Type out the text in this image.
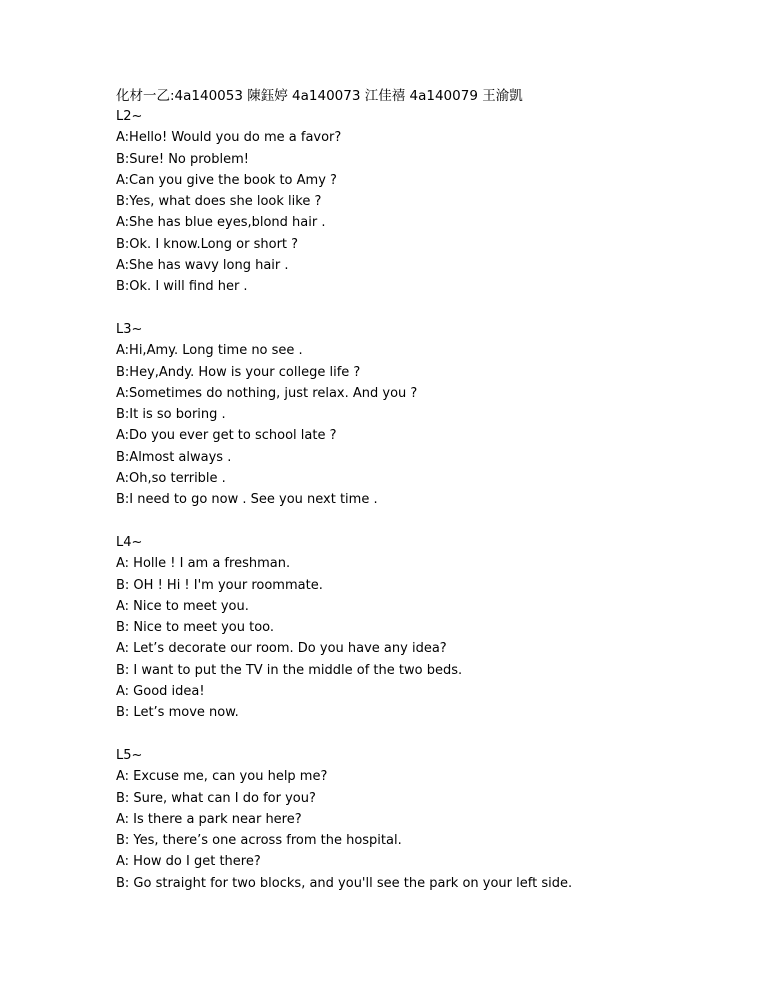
化材一乙:4a140053 陳鈺婷 4a140073 江佳禧 4a140079 王渝凱
L2~
A:Hello! Would you do me a favor?
B:Sure! No problem!
A:Can you give the book to Amy ?
B:Yes, what does she look like ?
A:She has blue eyes,blond hair .
B:Ok. I know.Long or short ?
A:She has wavy long hair .
B:Ok. I will find her .
L3~
A:Hi,Amy. Long time no see .
B:Hey,Andy. How is your college life ?
A:Sometimes do nothing, just relax. And you ?
B:It is so boring .
A:Do you ever get to school late ?
B:Almost always .
A:Oh,so terrible .
B:I need to go now . See you next time .
L4~
A: Holle ! I am a freshman.
B: OH ! Hi ! I'm your roommate.
A: Nice to meet you.
B: Nice to meet you too.
A: Let’s decorate our room. Do you have any idea?
B: I want to put the TV in the middle of the two beds.
A: Good idea!
B: Let’s move now.
L5~
A: Excuse me, can you help me?
B: Sure, what can I do for you?
A: Is there a park near here?
B: Yes, there’s one across from the hospital.
A: How do I get there?
B: Go straight for two blocks, and you'll see the park on your left side.
